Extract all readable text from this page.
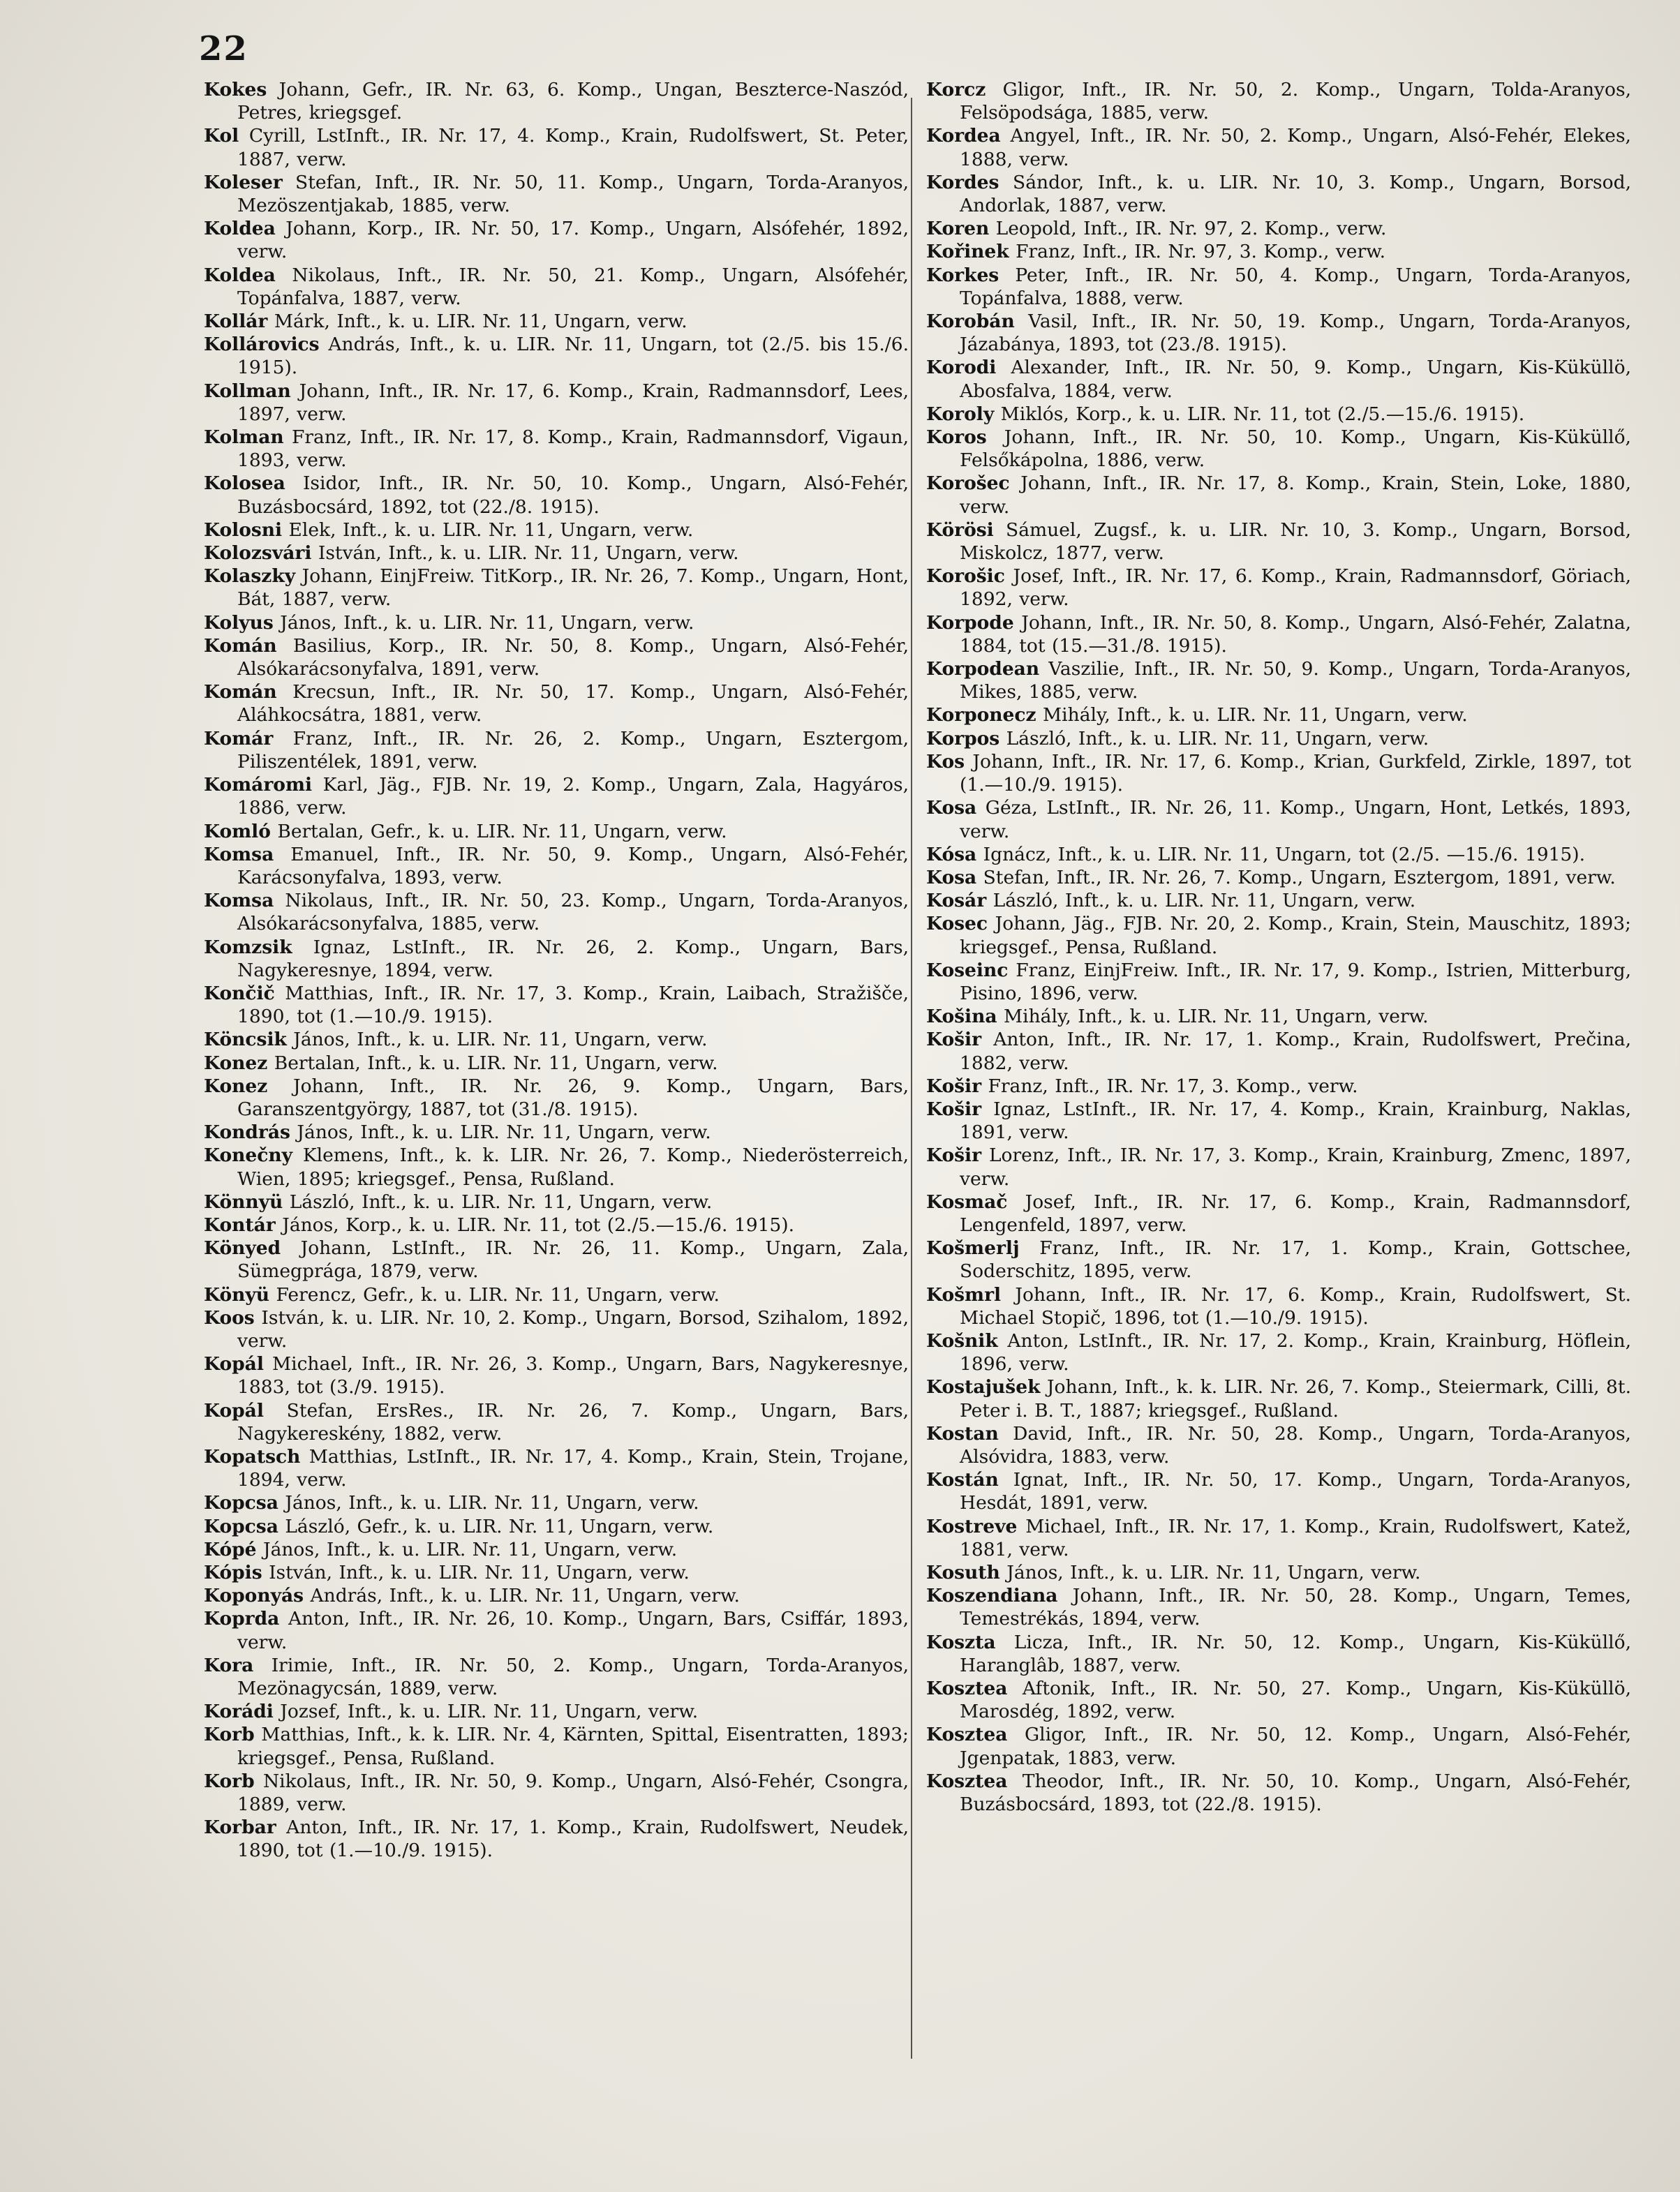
22

Kokes Johann, Gefr., IR. Nr. 63, 6. Komp., Ungan, Beszterce-Naszód, Petres, kriegsgef.

Kol Cyrill, LstInft., IR. Nr. 17, 4. Komp., Krain, Rudolfswert, St. Peter, 1887, verw.

Koleser Stefan, Inft., IR. Nr. 50, 11. Komp., Ungarn, Torda-Aranyos, Mezöszentjakab, 1885, verw.

Koldea Johann, Korp., IR. Nr. 50, 17. Komp., Ungarn, Alsófehér, 1892, verw.

Koldea Nikolaus, Inft., IR. Nr. 50, 21. Komp., Ungarn, Alsófehér, Topánfalva, 1887, verw.

Kollár Márk, Inft., k. u. LIR. Nr. 11, Ungarn, verw.

Kollárovics András, Inft., k. u. LIR. Nr. 11, Ungarn, tot (2./5. bis 15./6. 1915).

Kollman Johann, Inft., IR. Nr. 17, 6. Komp., Krain, Radmannsdorf, Lees, 1897, verw.

Kolman Franz, Inft., IR. Nr. 17, 8. Komp., Krain, Radmannsdorf, Vigaun, 1893, verw.

Kolosea Isidor, Inft., IR. Nr. 50, 10. Komp., Ungarn, Alsó-Fehér, Buzásbocsárd, 1892, tot (22./8. 1915).

Kolosni Elek, Inft., k. u. LIR. Nr. 11, Ungarn, verw.

Kolozsvári István, Inft., k. u. LIR. Nr. 11, Ungarn, verw.

Kolaszky Johann, EinjFreiw. TitKorp., IR. Nr. 26, 7. Komp., Ungarn, Hont, Bát, 1887, verw.

Kolyus János, Inft., k. u. LIR. Nr. 11, Ungarn, verw.

Komán Basilius, Korp., IR. Nr. 50, 8. Komp., Ungarn, Alsó-Fehér, Alsókarácsonyfalva, 1891, verw.

Komán Krecsun, Inft., IR. Nr. 50, 17. Komp., Ungarn, Alsó-Fehér, Aláhkocsátra, 1881, verw.

Komár Franz, Inft., IR. Nr. 26, 2. Komp., Ungarn, Esztergom, Piliszentélek, 1891, verw.

Komáromi Karl, Jäg., FJB. Nr. 19, 2. Komp., Ungarn, Zala, Hagyáros, 1886, verw.

Komló Bertalan, Gefr., k. u. LIR. Nr. 11, Ungarn, verw.

Komsa Emanuel, Inft., IR. Nr. 50, 9. Komp., Ungarn, Alsó-Fehér, Karácsonyfalva, 1893, verw.

Komsa Nikolaus, Inft., IR. Nr. 50, 23. Komp., Ungarn, Torda-Aranyos, Alsókarácsonyfalva, 1885, verw.

Komzsik Ignaz, LstInft., IR. Nr. 26, 2. Komp., Ungarn, Bars, Nagykeresnye, 1894, verw.

Končič Matthias, Inft., IR. Nr. 17, 3. Komp., Krain, Laibach, Stražišče, 1890, tot (1.—10./9. 1915).

Köncsik János, Inft., k. u. LIR. Nr. 11, Ungarn, verw.

Konez Bertalan, Inft., k. u. LIR. Nr. 11, Ungarn, verw.

Konez Johann, Inft., IR. Nr. 26, 9. Komp., Ungarn, Bars, Garanszentgyörgy, 1887, tot (31./8. 1915).

Kondrás János, Inft., k. u. LIR. Nr. 11, Ungarn, verw.

Konečny Klemens, Inft., k. k. LIR. Nr. 26, 7. Komp., Niederösterreich, Wien, 1895; kriegsgef., Pensa, Rußland.

Könnyü László, Inft., k. u. LIR. Nr. 11, Ungarn, verw.

Kontár János, Korp., k. u. LIR. Nr. 11, tot (2./5.—15./6. 1915).

Könyed Johann, LstInft., IR. Nr. 26, 11. Komp., Ungarn, Zala, Sümegprága, 1879, verw.

Könyü Ferencz, Gefr., k. u. LIR. Nr. 11, Ungarn, verw.

Koos István, k. u. LIR. Nr. 10, 2. Komp., Ungarn, Borsod, Szihalom, 1892, verw.

Kopál Michael, Inft., IR. Nr. 26, 3. Komp., Ungarn, Bars, Nagykeresnye, 1883, tot (3./9. 1915).

Kopál Stefan, ErsRes., IR. Nr. 26, 7. Komp., Ungarn, Bars, Nagykereskény, 1882, verw.

Kopatsch Matthias, LstInft., IR. Nr. 17, 4. Komp., Krain, Stein, Trojane, 1894, verw.

Kopcsa János, Inft., k. u. LIR. Nr. 11, Ungarn, verw.

Kopcsa László, Gefr., k. u. LIR. Nr. 11, Ungarn, verw.

Kópé János, Inft., k. u. LIR. Nr. 11, Ungarn, verw.

Kópis István, Inft., k. u. LIR. Nr. 11, Ungarn, verw.

Koponyás András, Inft., k. u. LIR. Nr. 11, Ungarn, verw.

Koprda Anton, Inft., IR. Nr. 26, 10. Komp., Ungarn, Bars, Csiffár, 1893, verw.

Kora Irimie, Inft., IR. Nr. 50, 2. Komp., Ungarn, Torda-Aranyos, Mezönagycsán, 1889, verw.

Korádi Jozsef, Inft., k. u. LIR. Nr. 11, Ungarn, verw.

Korb Matthias, Inft., k. k. LIR. Nr. 4, Kärnten, Spittal, Eisentratten, 1893; kriegsgef., Pensa, Rußland.

Korb Nikolaus, Inft., IR. Nr. 50, 9. Komp., Ungarn, Alsó-Fehér, Csongra, 1889, verw.

Korbar Anton, Inft., IR. Nr. 17, 1. Komp., Krain, Rudolfswert, Neudek, 1890, tot (1.—10./9. 1915).

Korcz Gligor, Inft., IR. Nr. 50, 2. Komp., Ungarn, Tolda-Aranyos, Felsöpodsága, 1885, verw.

Kordea Angyel, Inft., IR. Nr. 50, 2. Komp., Ungarn, Alsó-Fehér, Elekes, 1888, verw.

Kordes Sándor, Inft., k. u. LIR. Nr. 10, 3. Komp., Ungarn, Borsod, Andorlak, 1887, verw.

Koren Leopold, Inft., IR. Nr. 97, 2. Komp., verw.

Kořinek Franz, Inft., IR. Nr. 97, 3. Komp., verw.

Korkes Peter, Inft., IR. Nr. 50, 4. Komp., Ungarn, Torda-Aranyos, Topánfalva, 1888, verw.

Korobán Vasil, Inft., IR. Nr. 50, 19. Komp., Ungarn, Torda-Aranyos, Jázabánya, 1893, tot (23./8. 1915).

Korodi Alexander, Inft., IR. Nr. 50, 9. Komp., Ungarn, Kis-Küküllö, Abosfalva, 1884, verw.

Koroly Miklós, Korp., k. u. LIR. Nr. 11, tot (2./5.—15./6. 1915).

Koros Johann, Inft., IR. Nr. 50, 10. Komp., Ungarn, Kis-Küküllő, Felsőkápolna, 1886, verw.

Korošec Johann, Inft., IR. Nr. 17, 8. Komp., Krain, Stein, Loke, 1880, verw.

Körösi Sámuel, Zugsf., k. u. LIR. Nr. 10, 3. Komp., Ungarn, Borsod, Miskolcz, 1877, verw.

Korošic Josef, Inft., IR. Nr. 17, 6. Komp., Krain, Radmannsdorf, Göriach, 1892, verw.

Korpode Johann, Inft., IR. Nr. 50, 8. Komp., Ungarn, Alsó-Fehér, Zalatna, 1884, tot (15.—31./8. 1915).

Korpodean Vaszilie, Inft., IR. Nr. 50, 9. Komp., Ungarn, Torda-Aranyos, Mikes, 1885, verw.

Korponecz Mihály, Inft., k. u. LIR. Nr. 11, Ungarn, verw.

Korpos László, Inft., k. u. LIR. Nr. 11, Ungarn, verw.

Kos Johann, Inft., IR. Nr. 17, 6. Komp., Krian, Gurkfeld, Zirkle, 1897, tot (1.—10./9. 1915).

Kosa Géza, LstInft., IR. Nr. 26, 11. Komp., Ungarn, Hont, Letkés, 1893, verw.

Kósa Ignácz, Inft., k. u. LIR. Nr. 11, Ungarn, tot (2./5. —15./6. 1915).

Kosa Stefan, Inft., IR. Nr. 26, 7. Komp., Ungarn, Esztergom, 1891, verw.

Kosár László, Inft., k. u. LIR. Nr. 11, Ungarn, verw.

Kosec Johann, Jäg., FJB. Nr. 20, 2. Komp., Krain, Stein, Mauschitz, 1893; kriegsgef., Pensa, Rußland.

Koseinc Franz, EinjFreiw. Inft., IR. Nr. 17, 9. Komp., Istrien, Mitterburg, Pisino, 1896, verw.

Košina Mihály, Inft., k. u. LIR. Nr. 11, Ungarn, verw.

Košir Anton, Inft., IR. Nr. 17, 1. Komp., Krain, Rudolfswert, Prečina, 1882, verw.

Košir Franz, Inft., IR. Nr. 17, 3. Komp., verw.

Košir Ignaz, LstInft., IR. Nr. 17, 4. Komp., Krain, Krainburg, Naklas, 1891, verw.

Košir Lorenz, Inft., IR. Nr. 17, 3. Komp., Krain, Krainburg, Zmenc, 1897, verw.

Kosmač Josef, Inft., IR. Nr. 17, 6. Komp., Krain, Radmannsdorf, Lengenfeld, 1897, verw.

Košmerlj Franz, Inft., IR. Nr. 17, 1. Komp., Krain, Gottschee, Soderschitz, 1895, verw.

Košmrl Johann, Inft., IR. Nr. 17, 6. Komp., Krain, Rudolfswert, St. Michael Stopič, 1896, tot (1.—10./9. 1915).

Košnik Anton, LstInft., IR. Nr. 17, 2. Komp., Krain, Krainburg, Höflein, 1896, verw.

Kostajušek Johann, Inft., k. k. LIR. Nr. 26, 7. Komp., Steiermark, Cilli, 8t. Peter i. B. T., 1887; kriegsgef., Rußland.

Kostan David, Inft., IR. Nr. 50, 28. Komp., Ungarn, Torda-Aranyos, Alsóvidra, 1883, verw.

Kostán Ignat, Inft., IR. Nr. 50, 17. Komp., Ungarn, Torda-Aranyos, Hesdát, 1891, verw.

Kostreve Michael, Inft., IR. Nr. 17, 1. Komp., Krain, Rudolfswert, Katež, 1881, verw.

Kosuth János, Inft., k. u. LIR. Nr. 11, Ungarn, verw.

Koszendiana Johann, Inft., IR. Nr. 50, 28. Komp., Ungarn, Temes, Temestrékás, 1894, verw.

Koszta Licza, Inft., IR. Nr. 50, 12. Komp., Ungarn, Kis-Küküllő, Haranglâb, 1887, verw.

Kosztea Aftonik, Inft., IR. Nr. 50, 27. Komp., Ungarn, Kis-Küküllö, Marosdég, 1892, verw.

Kosztea Gligor, Inft., IR. Nr. 50, 12. Komp., Ungarn, Alsó-Fehér, Jgenpatak, 1883, verw.

Kosztea Theodor, Inft., IR. Nr. 50, 10. Komp., Ungarn, Alsó-Fehér, Buzásbocsárd, 1893, tot (22./8. 1915).
